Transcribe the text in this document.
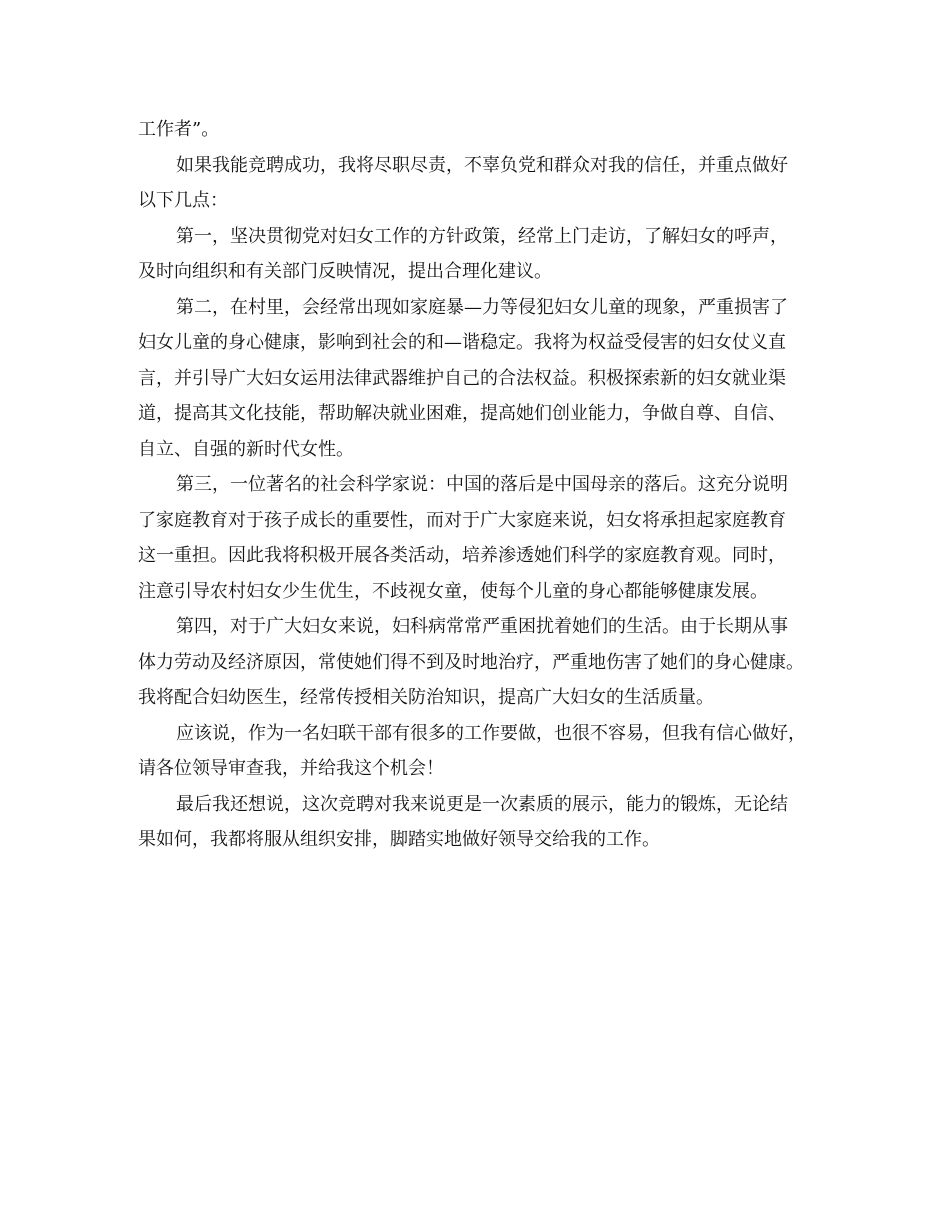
工作者”。
如果我能竞聘成功，我将尽职尽责，不辜负党和群众对我的信任，并重点做好
以下几点：
第一，坚决贯彻党对妇女工作的方针政策，经常上门走访，了解妇女的呼声，
及时向组织和有关部门反映情况，提出合理化建议。
第二，在村里，会经常出现如家庭暴—力等侵犯妇女儿童的现象，严重损害了
妇女儿童的身心健康，影响到社会的和—谐稳定。我将为权益受侵害的妇女仗义直
言，并引导广大妇女运用法律武器维护自己的合法权益。积极探索新的妇女就业渠
道，提高其文化技能，帮助解决就业困难，提高她们创业能力，争做自尊、自信、
自立、自强的新时代女性。
第三，一位著名的社会科学家说：中国的落后是中国母亲的落后。这充分说明
了家庭教育对于孩子成长的重要性，而对于广大家庭来说，妇女将承担起家庭教育
这一重担。因此我将积极开展各类活动，培养渗透她们科学的家庭教育观。同时，
注意引导农村妇女少生优生，不歧视女童，使每个儿童的身心都能够健康发展。
第四，对于广大妇女来说，妇科病常常严重困扰着她们的生活。由于长期从事
体力劳动及经济原因，常使她们得不到及时地治疗，严重地伤害了她们的身心健康。
我将配合妇幼医生，经常传授相关防治知识，提高广大妇女的生活质量。
应该说，作为一名妇联干部有很多的工作要做，也很不容易，但我有信心做好，
请各位领导审查我，并给我这个机会！
最后我还想说，这次竞聘对我来说更是一次素质的展示，能力的锻炼，无论结
果如何，我都将服从组织安排，脚踏实地做好领导交给我的工作。
